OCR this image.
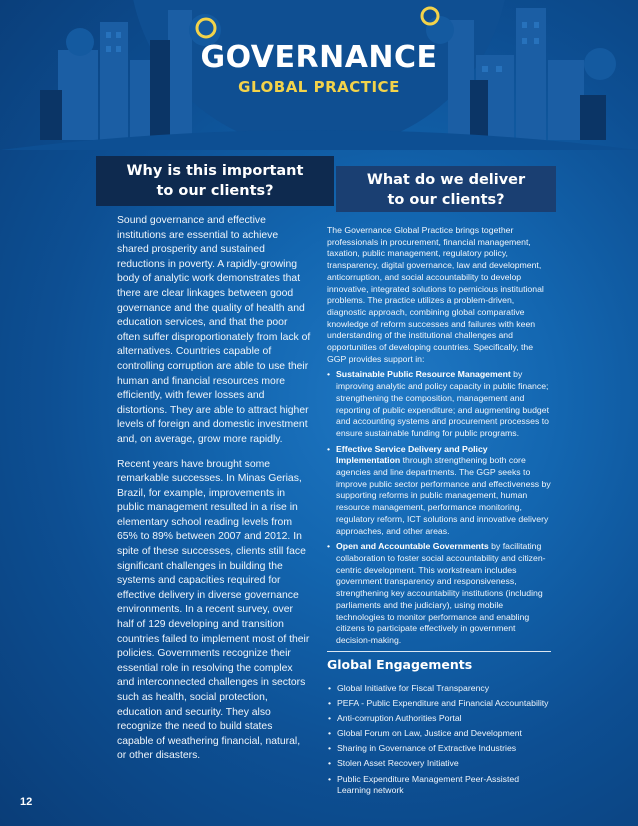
GOVERNANCE
GLOBAL PRACTICE
Why is this important
to our clients?
What do we deliver
to our clients?

Sound governance and effective institutions are essential to achieve shared prosperity and sustained reductions in poverty. A rapidly-growing body of analytic work demonstrates that there are clear linkages between good governance and the quality of health and education services, and that the poor often suffer disproportionately from lack of alternatives. Countries capable of controlling corruption are able to use their human and financial resources more efficiently, with fewer losses and distortions. They are able to attract higher levels of foreign and domestic investment and, on average, grow more rapidly.

Recent years have brought some remarkable successes. In Minas Gerias, Brazil, for example, improvements in public management resulted in a rise in elementary school reading levels from 65% to 89% between 2007 and 2012. In spite of these successes, clients still face significant challenges in building the systems and capacities required for effective delivery in diverse governance environments. In a recent survey, over half of 129 developing and transition countries failed to implement most of their policies. Governments recognize their essential role in resolving the complex and interconnected challenges in sectors such as health, social protection, education and security. They also recognize the need to build states capable of weathering financial, natural, or other disasters.

The Governance Global Practice brings together professionals in procurement, financial management, taxation, public management, regulatory policy, transparency, digital governance, law and development, anticorruption, and social accountability to develop innovative, integrated solutions to pernicious institutional problems. The practice utilizes a problem-driven, diagnostic approach, combining global comparative knowledge of reform successes and failures with keen understanding of the institutional challenges and opportunities of developing countries. Specifically, the GGP provides support in:

• Sustainable Public Resource Management by improving analytic and policy capacity in public finance; strengthening the composition, management and reporting of public expenditure; and augmenting budget and accounting systems and procurement processes to ensure sustainable funding for public programs.
• Effective Service Delivery and Policy Implementation through strengthening both core agencies and line departments. The GGP seeks to improve public sector performance and effectiveness by supporting reforms in public management, human resource management, performance monitoring, regulatory reform, ICT solutions and innovative delivery approaches, and other areas.
• Open and Accountable Governments by facilitating collaboration to foster social accountability and citizen-centric development. This workstream includes government transparency and responsiveness, strengthening key accountability institutions (including parliaments and the judiciary), using mobile technologies to monitor performance and enabling citizens to participate effectively in government decision-making.
Global Engagements
• Global Initiative for Fiscal Transparency
• PEFA - Public Expenditure and Financial Accountability
• Anti-corruption Authorities Portal
• Global Forum on Law, Justice and Development
• Sharing in Governance of Extractive Industries
• Stolen Asset Recovery Initiative
• Public Expenditure Management Peer-Assisted Learning network
12
